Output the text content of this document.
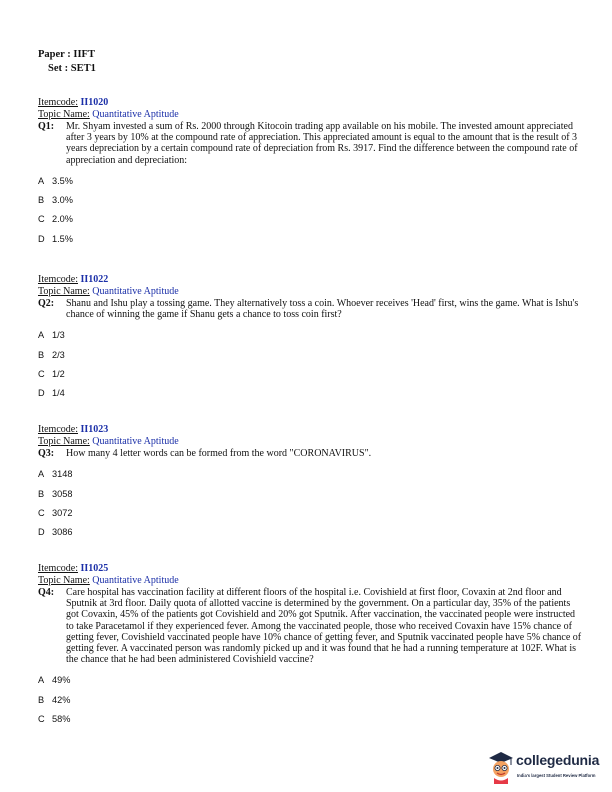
Paper : IIFT
Set : SET1
Itemcode: II1020
Topic Name: Quantitative Aptitude
Q1:	Mr. Shyam invested a sum of Rs. 2000 through Kitocoin trading app available on his mobile. The invested amount appreciated after 3 years by 10% at the compound rate of appreciation. This appreciated amount is equal to the amount that is the result of 3 years depreciation by a certain compound rate of depreciation from Rs. 3917. Find the difference between the compound rate of appreciation and depreciation:
A 3.5%
B 3.0%
C 2.0%
D 1.5%
Itemcode: II1022
Topic Name: Quantitative Aptitude
Q2:	Shanu and Ishu play a tossing game. They alternatively toss a coin. Whoever receives 'Head' first, wins the game. What is Ishu's chance of winning the game if Shanu gets a chance to toss coin first?
A 1/3
B 2/3
C 1/2
D 1/4
Itemcode: II1023
Topic Name: Quantitative Aptitude
Q3:	How many 4 letter words can be formed from the word "CORONAVIRUS".
A 3148
B 3058
C 3072
D 3086
Itemcode: II1025
Topic Name: Quantitative Aptitude
Q4:	Care hospital has vaccination facility at different floors of the hospital i.e. Covishield at first floor, Covaxin at 2nd floor and Sputnik at 3rd floor. Daily quota of allotted vaccine is determined by the government. On a particular day, 35% of the patients got Covaxin, 45% of the patients got Covishield and 20% got Sputnik. After vaccination, the vaccinated people were instructed to take Paracetamol if they experienced fever. Among the vaccinated people, those who received Covaxin have 15% chance of getting fever, Covishield vaccinated people have 10% chance of getting fever, and Sputnik vaccinated people have 5% chance of getting fever. A vaccinated person was randomly picked up and it was found that he had a running temperature at 102F. What is the chance that he had been administered Covishield vaccine?
A 49%
B 42%
C 58%
collegedunia
India's largest Student Review Platform
